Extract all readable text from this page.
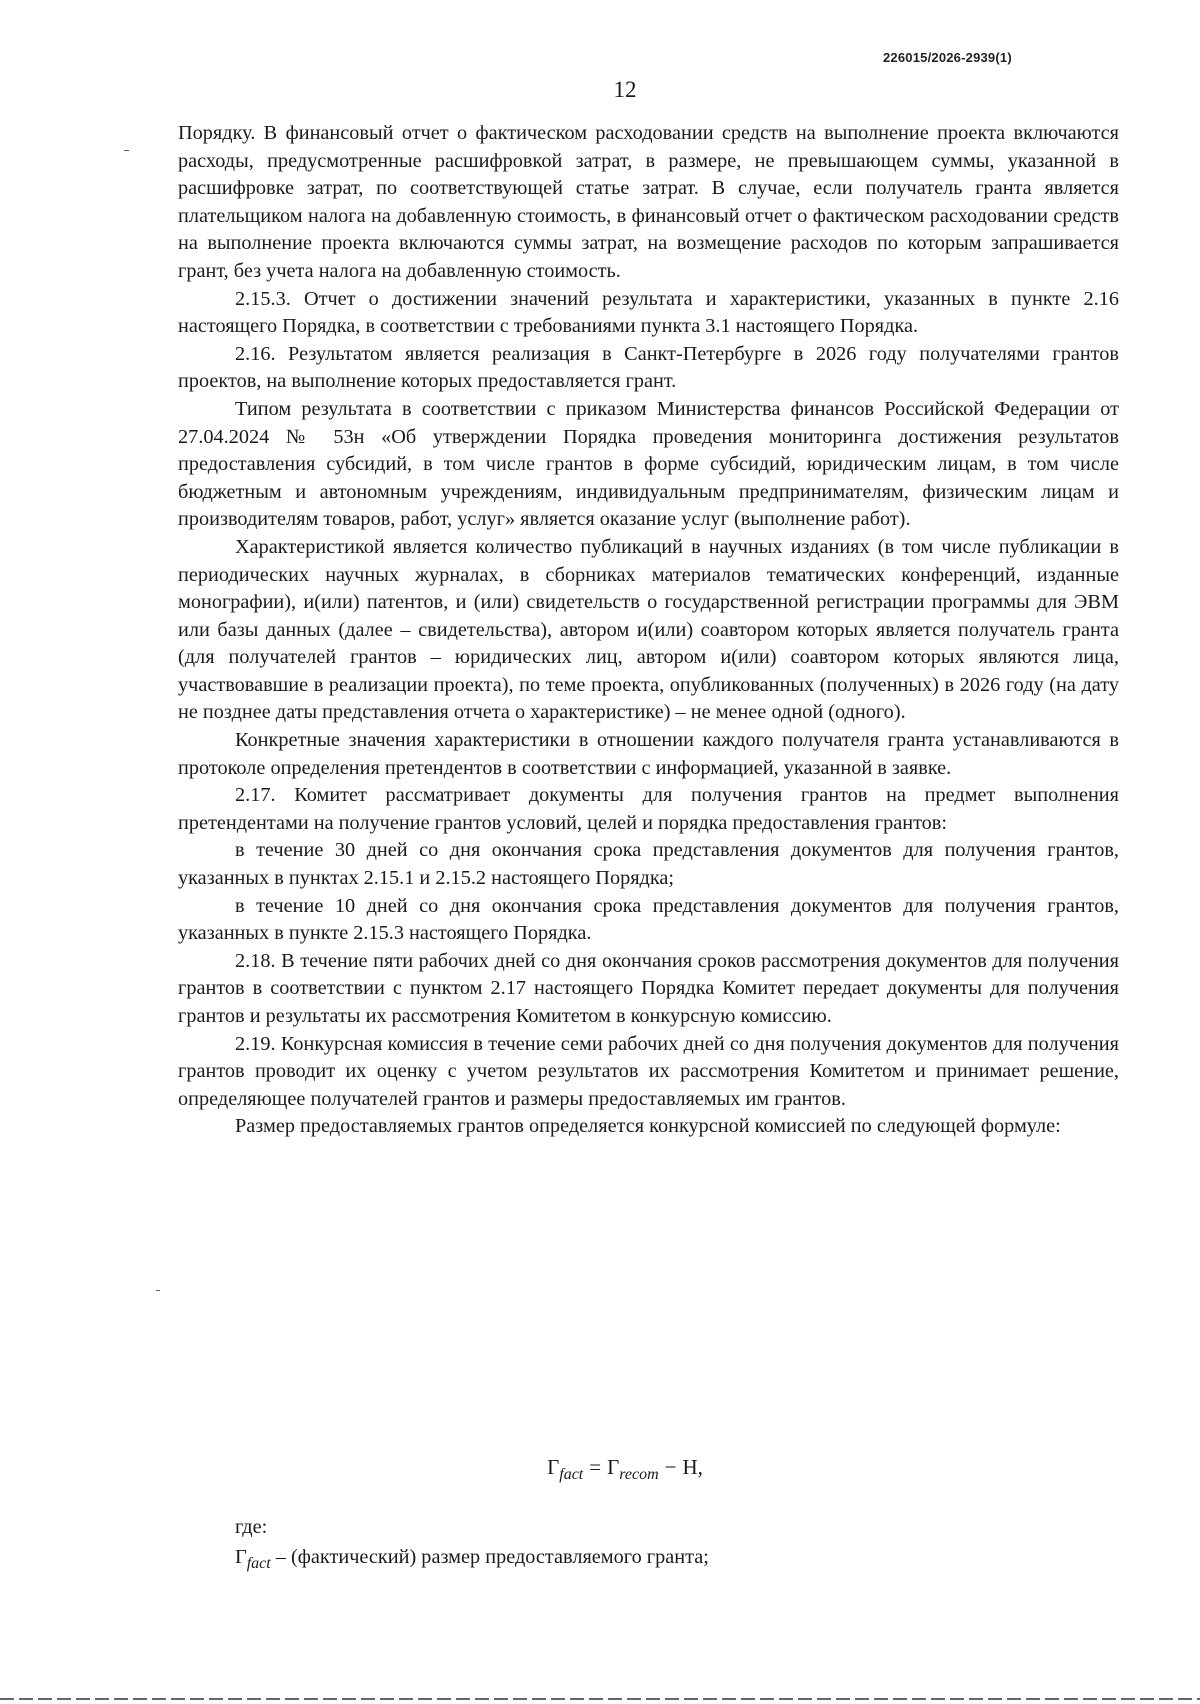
226015/2026-2939(1)
12

Порядку. В финансовый отчет о фактическом расходовании средств на выполнение проекта включаются расходы, предусмотренные расшифровкой затрат, в размере, не превышающем суммы, указанной в расшифровке затрат, по соответствующей статье затрат. В случае, если получатель гранта является плательщиком налога на добавленную стоимость, в финансовый отчет о фактическом расходовании средств на выполнение проекта включаются суммы затрат, на возмещение расходов по которым запрашивается грант, без учета налога на добавленную стоимость.

2.15.3. Отчет о достижении значений результата и характеристики, указанных в пункте 2.16 настоящего Порядка, в соответствии с требованиями пункта 3.1 настоящего Порядка.

2.16. Результатом является реализация в Санкт-Петербурге в 2026 году получателями грантов проектов, на выполнение которых предоставляется грант.

Типом результата в соответствии с приказом Министерства финансов Российской Федерации от 27.04.2024 № 53н «Об утверждении Порядка проведения мониторинга достижения результатов предоставления субсидий, в том числе грантов в форме субсидий, юридическим лицам, в том числе бюджетным и автономным учреждениям, индивидуальным предпринимателям, физическим лицам и производителям товаров, работ, услуг» является оказание услуг (выполнение работ).

Характеристикой является количество публикаций в научных изданиях (в том числе публикации в периодических научных журналах, в сборниках материалов тематических конференций, изданные монографии), и(или) патентов, и (или) свидетельств о государственной регистрации программы для ЭВМ или базы данных (далее – свидетельства), автором и(или) соавтором которых является получатель гранта (для получателей грантов – юридических лиц, автором и(или) соавтором которых являются лица, участвовавшие в реализации проекта), по теме проекта, опубликованных (полученных) в 2026 году (на дату не позднее даты представления отчета о характеристике) – не менее одной (одного).

Конкретные значения характеристики в отношении каждого получателя гранта устанавливаются в протоколе определения претендентов в соответствии с информацией, указанной в заявке.

2.17. Комитет рассматривает документы для получения грантов на предмет выполнения претендентами на получение грантов условий, целей и порядка предоставления грантов:

в течение 30 дней со дня окончания срока представления документов для получения грантов, указанных в пунктах 2.15.1 и 2.15.2 настоящего Порядка;

в течение 10 дней со дня окончания срока представления документов для получения грантов, указанных в пункте 2.15.3 настоящего Порядка.

2.18. В течение пяти рабочих дней со дня окончания сроков рассмотрения документов для получения грантов в соответствии с пунктом 2.17 настоящего Порядка Комитет передает документы для получения грантов и результаты их рассмотрения Комитетом в конкурсную комиссию.

2.19. Конкурсная комиссия в течение семи рабочих дней со дня получения документов для получения грантов проводит их оценку с учетом результатов их рассмотрения Комитетом и принимает решение, определяющее получателей грантов и размеры предоставляемых им грантов.

Размер предоставляемых грантов определяется конкурсной комиссией по следующей формуле:

$Г_{fact} = Г_{recom} - Н$,
где:
$Г_{fact}$ – (фактический) размер предоставляемого гранта;
